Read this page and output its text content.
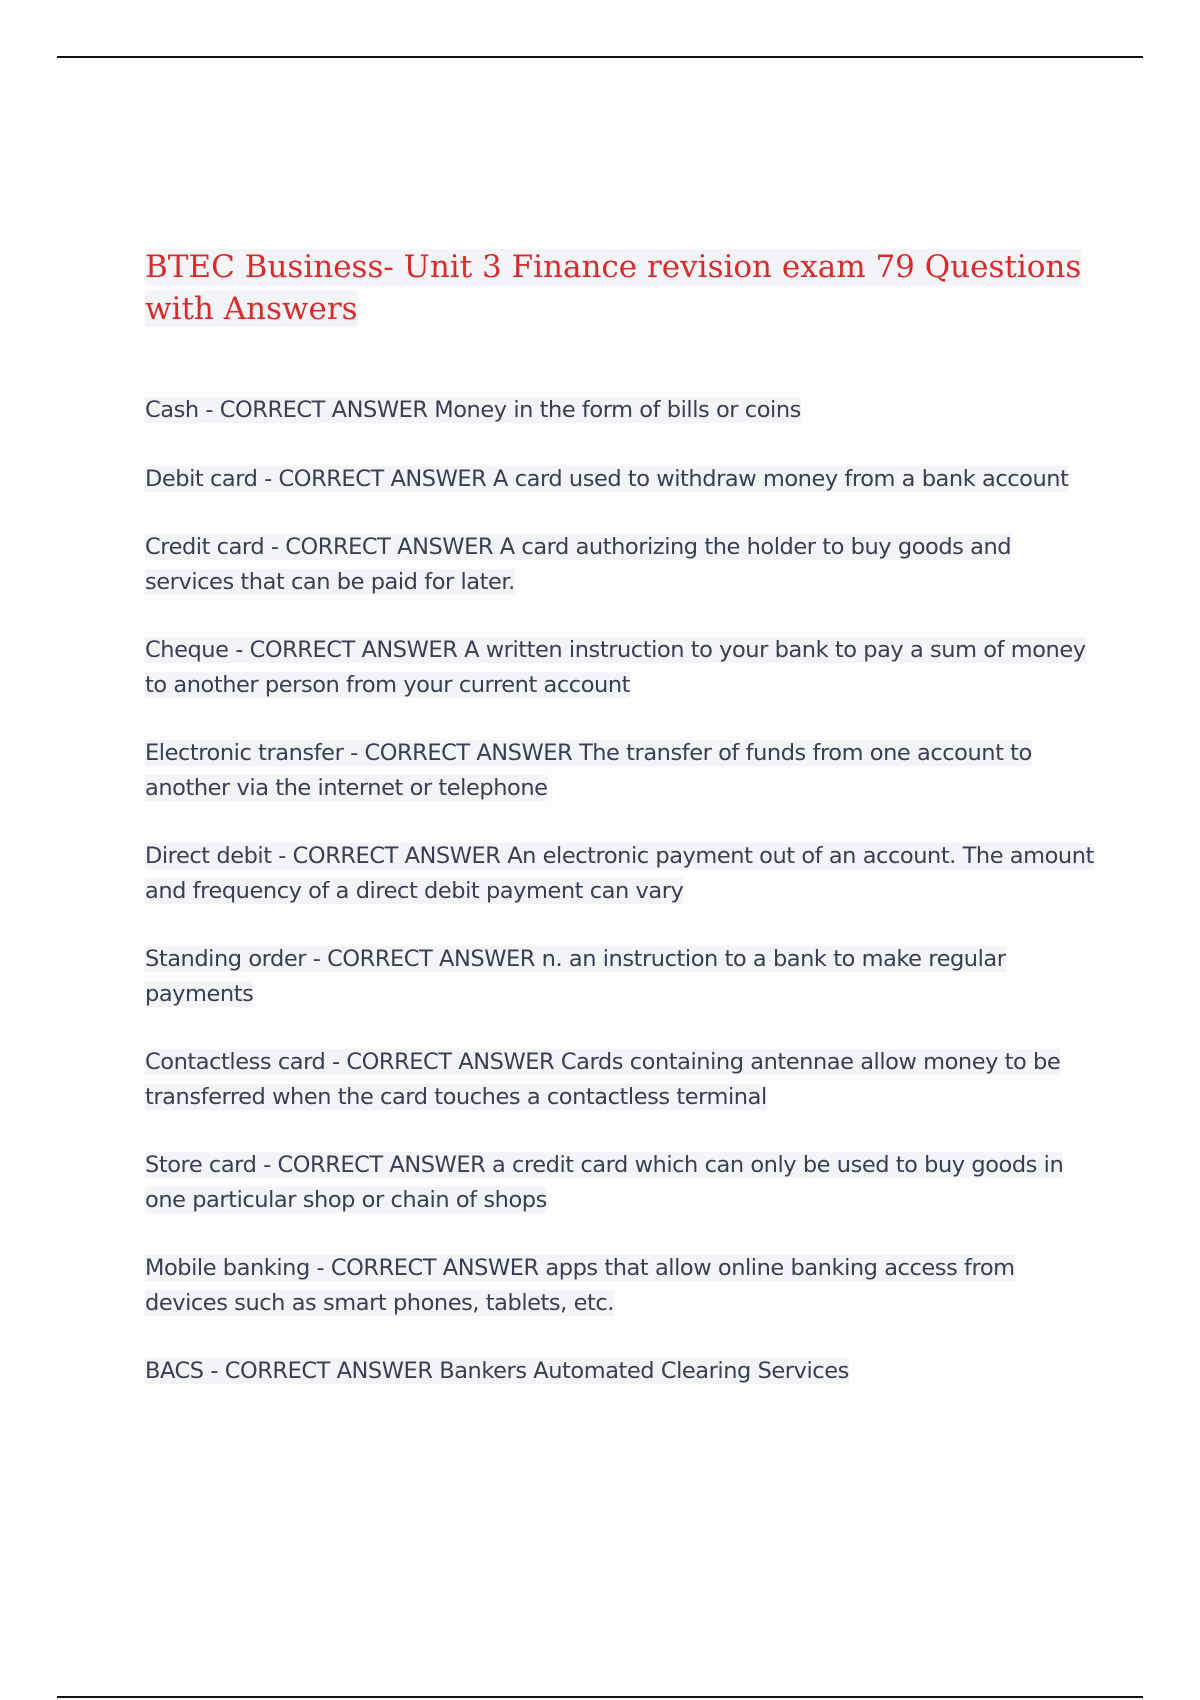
BTEC Business- Unit 3 Finance revision exam 79 Questions with Answers
Cash - CORRECT ANSWER Money in the form of bills or coins
Debit card - CORRECT ANSWER A card used to withdraw money from a bank account
Credit card - CORRECT ANSWER A card authorizing the holder to buy goods and services that can be paid for later.
Cheque - CORRECT ANSWER A written instruction to your bank to pay a sum of money to another person from your current account
Electronic transfer - CORRECT ANSWER The transfer of funds from one account to another via the internet or telephone
Direct debit - CORRECT ANSWER An electronic payment out of an account. The amount and frequency of a direct debit payment can vary
Standing order - CORRECT ANSWER n. an instruction to a bank to make regular payments
Contactless card - CORRECT ANSWER Cards containing antennae allow money to be transferred when the card touches a contactless terminal
Store card - CORRECT ANSWER a credit card which can only be used to buy goods in one particular shop or chain of shops
Mobile banking - CORRECT ANSWER apps that allow online banking access from devices such as smart phones, tablets, etc.
BACS - CORRECT ANSWER Bankers Automated Clearing Services
